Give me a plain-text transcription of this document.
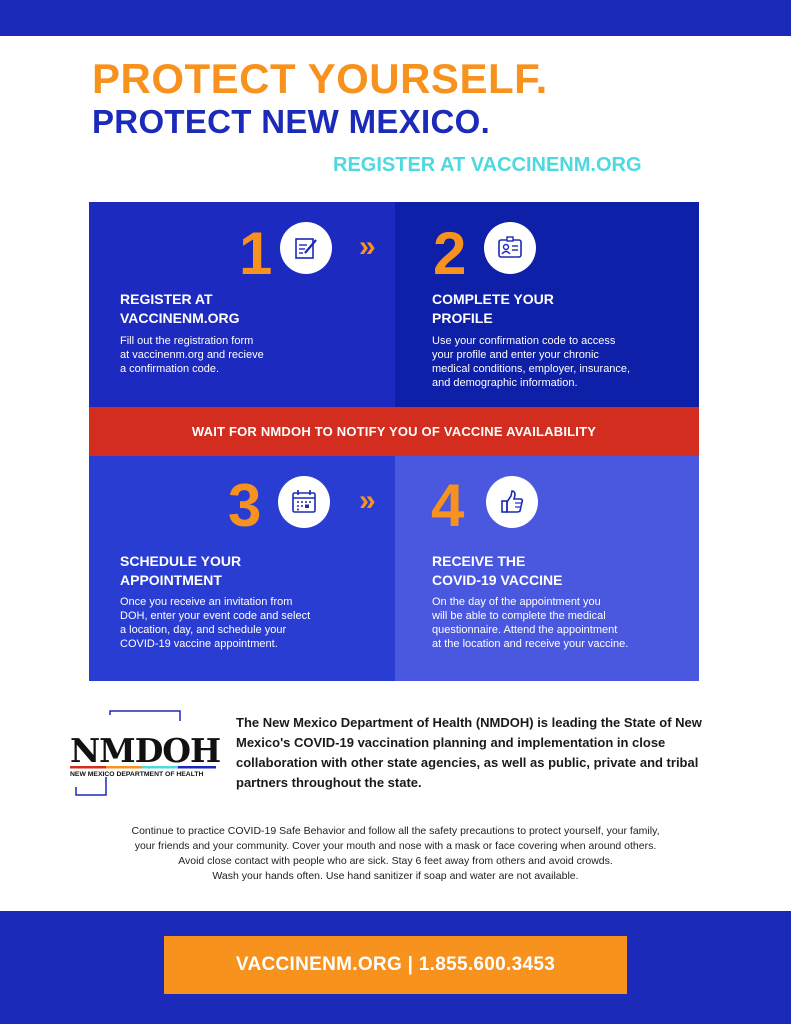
PROTECT YOURSELF.
PROTECT NEW MEXICO.
REGISTER AT VACCINENM.ORG
1	»
REGISTER AT
VACCINENM.ORG
Fill out the registration form
at vaccinenm.org and recieve
a confirmation code.
2
COMPLETE YOUR
PROFILE
Use your confirmation code to access
your profile and enter your chronic
medical conditions, employer, insurance,
and demographic information.
WAIT FOR NMDOH TO NOTIFY YOU OF VACCINE AVAILABILITY
3	»
SCHEDULE YOUR
APPOINTMENT
Once you receive an invitation from
DOH, enter your event code and select
a location, day, and schedule your
COVID-19 vaccine appointment.
4
RECEIVE THE
COVID-19 VACCINE
On the day of the appointment you
will be able to complete the medical
questionnaire. Attend the appointment
at the location and receive your vaccine.
NMDOH
NEW MEXICO DEPARTMENT OF HEALTH
The New Mexico Department of Health (NMDOH) is leading the State of New Mexico's COVID-19 vaccination planning and implementation in close collaboration with other state agencies, as well as public, private and tribal partners throughout the state.
Continue to practice COVID-19 Safe Behavior and follow all the safety precautions to protect yourself, your family,
your friends and your community. Cover your mouth and nose with a mask or face covering when around others.
Avoid close contact with people who are sick. Stay 6 feet away from others and avoid crowds.
Wash your hands often. Use hand sanitizer if soap and water are not available.
VACCINENM.ORG | 1.855.600.3453
